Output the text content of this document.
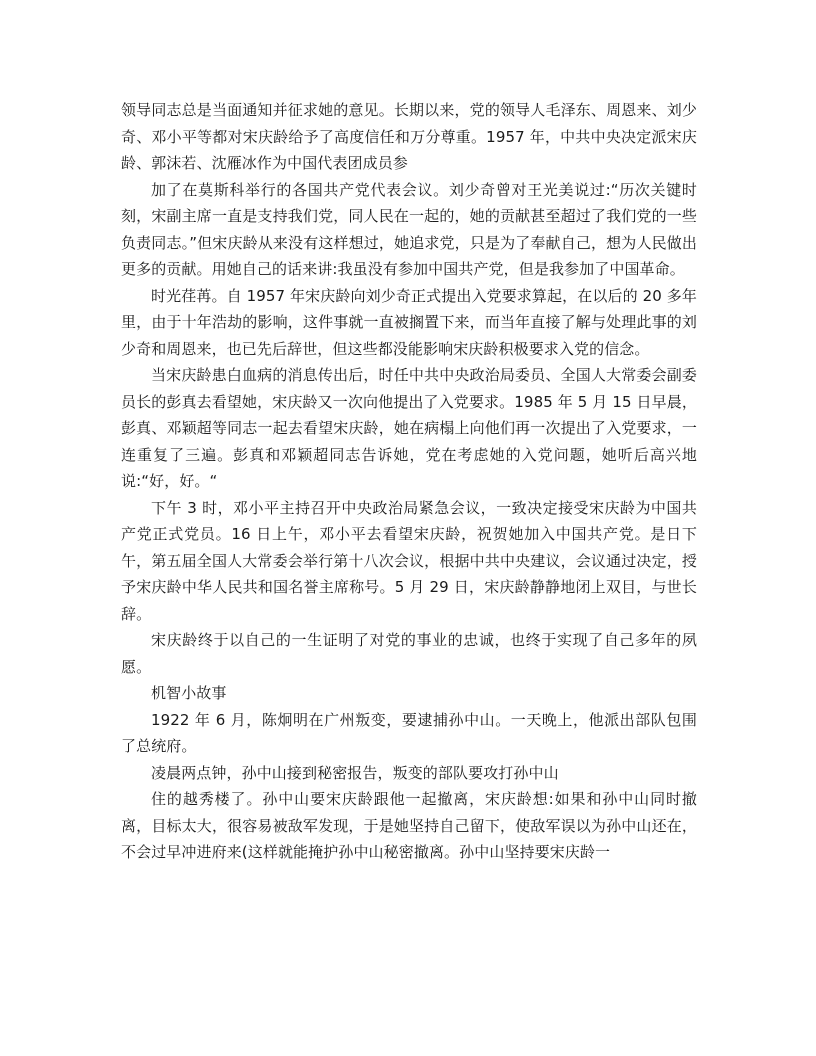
领导同志总是当面通知并征求她的意见。长期以来，党的领导人毛泽东、周恩来、刘少奇、邓小平等都对宋庆龄给予了高度信任和万分尊重。1957 年，中共中央决定派宋庆龄、郭沫若、沈雁冰作为中国代表团成员参

加了在莫斯科举行的各国共产党代表会议。刘少奇曾对王光美说过:“历次关键时刻，宋副主席一直是支持我们党，同人民在一起的，她的贡献甚至超过了我们党的一些负责同志。”但宋庆龄从来没有这样想过，她追求党，只是为了奉献自己，想为人民做出更多的贡献。用她自己的话来讲:我虽没有参加中国共产党，但是我参加了中国革命。

时光荏苒。自 1957 年宋庆龄向刘少奇正式提出入党要求算起，在以后的 20 多年里，由于十年浩劫的影响，这件事就一直被搁置下来，而当年直接了解与处理此事的刘少奇和周恩来，也已先后辞世，但这些都没能影响宋庆龄积极要求入党的信念。

当宋庆龄患白血病的消息传出后，时任中共中央政治局委员、全国人大常委会副委员长的彭真去看望她，宋庆龄又一次向他提出了入党要求。1985 年 5 月 15 日早晨，彭真、邓颖超等同志一起去看望宋庆龄，她在病榻上向他们再一次提出了入党要求，一连重复了三遍。彭真和邓颖超同志告诉她，党在考虑她的入党问题，她听后高兴地说:“好，好。“

下午 3 时，邓小平主持召开中央政治局紧急会议，一致决定接受宋庆龄为中国共产党正式党员。16 日上午，邓小平去看望宋庆龄，祝贺她加入中国共产党。是日下午，第五届全国人大常委会举行第十八次会议，根据中共中央建议，会议通过决定，授予宋庆龄中华人民共和国名誉主席称号。5 月 29 日，宋庆龄静静地闭上双目，与世长辞。

宋庆龄终于以自己的一生证明了对党的事业的忠诚，也终于实现了自己多年的夙愿。

机智小故事

1922 年 6 月，陈炯明在广州叛变，要逮捕孙中山。一天晚上，他派出部队包围了总统府。

凌晨两点钟，孙中山接到秘密报告，叛变的部队要攻打孙中山

住的越秀楼了。孙中山要宋庆龄跟他一起撤离，宋庆龄想:如果和孙中山同时撤离，目标太大，很容易被敌军发现，于是她坚持自己留下，使敌军误以为孙中山还在，不会过早冲进府来(这样就能掩护孙中山秘密撤离。孙中山坚持要宋庆龄一
